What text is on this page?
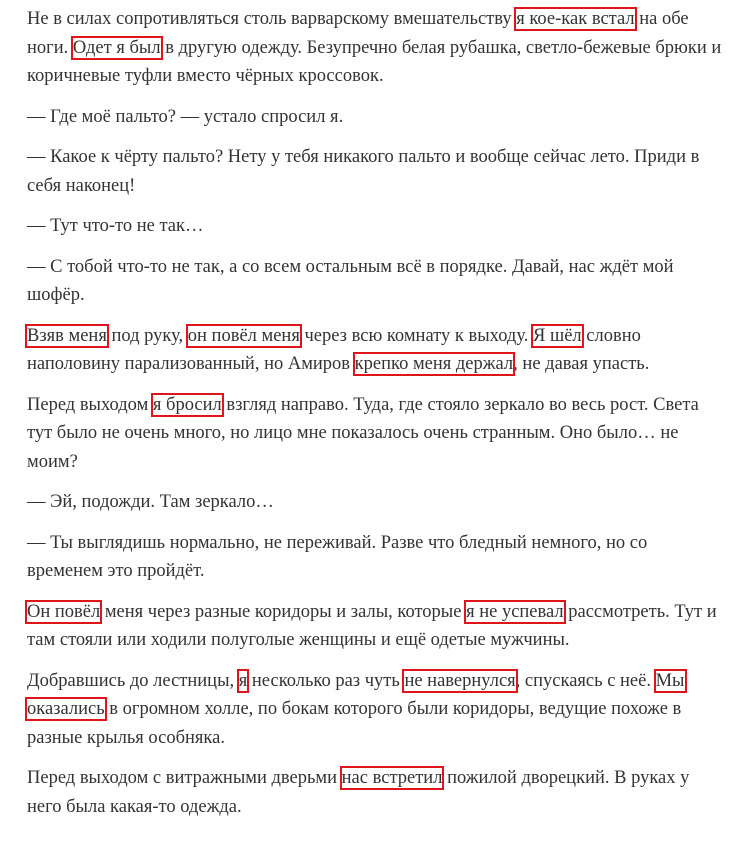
Не в силах сопротивляться столь варварскому вмешательству я кое-как встал на обе ноги. Одет я был в другую одежду. Безупречно белая рубашка, светло-бежевые брюки и коричневые туфли вместо чёрных кроссовок.

— Где моё пальто? — устало спросил я.

— Какое к чёрту пальто? Нету у тебя никакого пальто и вообще сейчас лето. Приди в себя наконец!

— Тут что-то не так…

— С тобой что-то не так, а со всем остальным всё в порядке. Давай, нас ждёт мой шофёр.

Взяв меня под руку, он повёл меня через всю комнату к выходу. Я шёл словно наполовину парализованный, но Амиров крепко меня держал, не давая упасть.

Перед выходом я бросил взгляд направо. Туда, где стояло зеркало во весь рост. Света тут было не очень много, но лицо мне показалось очень странным. Оно было… не моим?

— Эй, подожди. Там зеркало…

— Ты выглядишь нормально, не переживай. Разве что бледный немного, но со временем это пройдёт.

Он повёл меня через разные коридоры и залы, которые я не успевал рассмотреть. Тут и там стояли или ходили полуголые женщины и ещё одетые мужчины.

Добравшись до лестницы, я несколько раз чуть не навернулся, спускаясь с неё. Мы оказались в огромном холле, по бокам которого были коридоры, ведущие похоже в разные крылья особняка.

Перед выходом с витражными дверьми нас встретил пожилой дворецкий. В руках у него была какая-то одежда.
